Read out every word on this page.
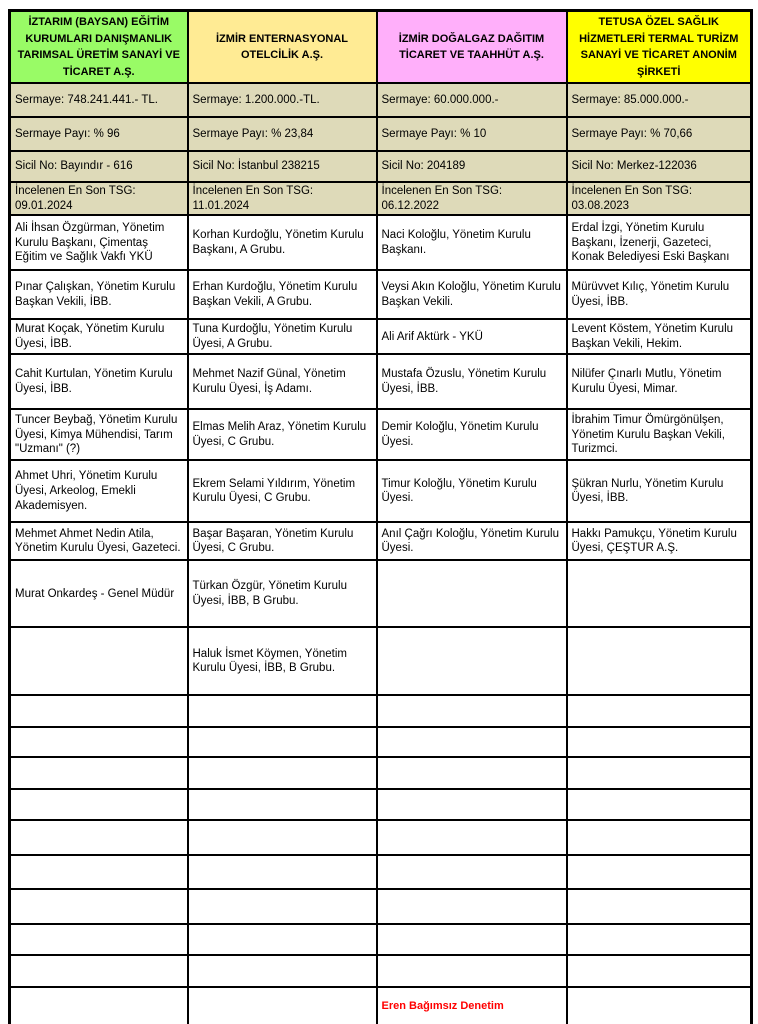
İZTARIM (BAYSAN) EĞİTİM KURUMLARI DANIŞMANLIK TARIMSAL ÜRETİM SANAYİ VE TİCARET A.Ş.	İZMİR ENTERNASYONAL OTELCİLİK A.Ş.	İZMİR DOĞALGAZ DAĞITIM TİCARET VE TAAHHÜT A.Ş.	TETUSA ÖZEL SAĞLIK HİZMETLERİ TERMAL TURİZM SANAYİ VE TİCARET ANONİM ŞİRKETİ
Sermaye: 748.241.441.- TL.	Sermaye: 1.200.000.-TL.	Sermaye: 60.000.000.-	Sermaye: 85.000.000.-
Sermaye Payı: % 96	Sermaye Payı: % 23,84	Sermaye Payı: % 10	Sermaye Payı: % 70,66
Sicil No: Bayındır - 616	Sicil No: İstanbul 238215	Sicil No: 204189	Sicil No: Merkez-122036
İncelenen En Son TSG: 09.01.2024	İncelenen En Son TSG: 11.01.2024	İncelenen En Son TSG: 06.12.2022	İncelenen En Son TSG: 03.08.2023
Ali İhsan Özgürman, Yönetim Kurulu Başkanı, Çimentaş Eğitim ve Sağlık Vakfı YKÜ	Korhan Kurdoğlu, Yönetim Kurulu Başkanı, A Grubu.	Naci Koloğlu, Yönetim Kurulu Başkanı.	Erdal İzgi, Yönetim Kurulu Başkanı, İzenerji, Gazeteci, Konak Belediyesi Eski Başkanı
Pınar Çalışkan, Yönetim Kurulu Başkan Vekili, İBB.	Erhan Kurdoğlu, Yönetim Kurulu Başkan Vekili, A Grubu.	Veysi Akın Koloğlu, Yönetim Kurulu Başkan Vekili.	Mürüvvet Kılıç, Yönetim Kurulu Üyesi, İBB.
Murat Koçak, Yönetim Kurulu Üyesi, İBB.	Tuna Kurdoğlu, Yönetim Kurulu Üyesi, A Grubu.	Ali Arif Aktürk - YKÜ	Levent Köstem, Yönetim Kurulu Başkan Vekili, Hekim.
Cahit Kurtulan, Yönetim Kurulu Üyesi, İBB.	Mehmet Nazif Günal, Yönetim Kurulu Üyesi, İş Adamı.	Mustafa Özuslu, Yönetim Kurulu Üyesi, İBB.	Nilüfer Çınarlı Mutlu, Yönetim Kurulu Üyesi, Mimar.
Tuncer Beybağ, Yönetim Kurulu Üyesi, Kimya Mühendisi, Tarım "Uzmanı" (?)	Elmas Melih Araz, Yönetim Kurulu Üyesi, C Grubu.	Demir Koloğlu, Yönetim Kurulu Üyesi.	İbrahim Timur Ömürgönülşen, Yönetim Kurulu Başkan Vekili, Turizmci.
Ahmet Uhri, Yönetim Kurulu Üyesi, Arkeolog, Emekli Akademisyen.	Ekrem Selami Yıldırım, Yönetim Kurulu Üyesi, C Grubu.	Timur Koloğlu, Yönetim Kurulu Üyesi.	Şükran Nurlu, Yönetim Kurulu Üyesi, İBB.
Mehmet Ahmet Nedin Atila, Yönetim Kurulu Üyesi, Gazeteci.	Başar Başaran, Yönetim Kurulu Üyesi, C Grubu.	Anıl Çağrı Koloğlu, Yönetim Kurulu Üyesi.	Hakkı Pamukçu, Yönetim Kurulu Üyesi, ÇEŞTUR A.Ş.
Murat Onkardeş - Genel Müdür	Türkan Özgür, Yönetim Kurulu Üyesi, İBB, B Grubu.		
	Haluk İsmet Köymen, Yönetim Kurulu Üyesi, İBB, B Grubu.		

		Eren Bağımsız Denetim	
